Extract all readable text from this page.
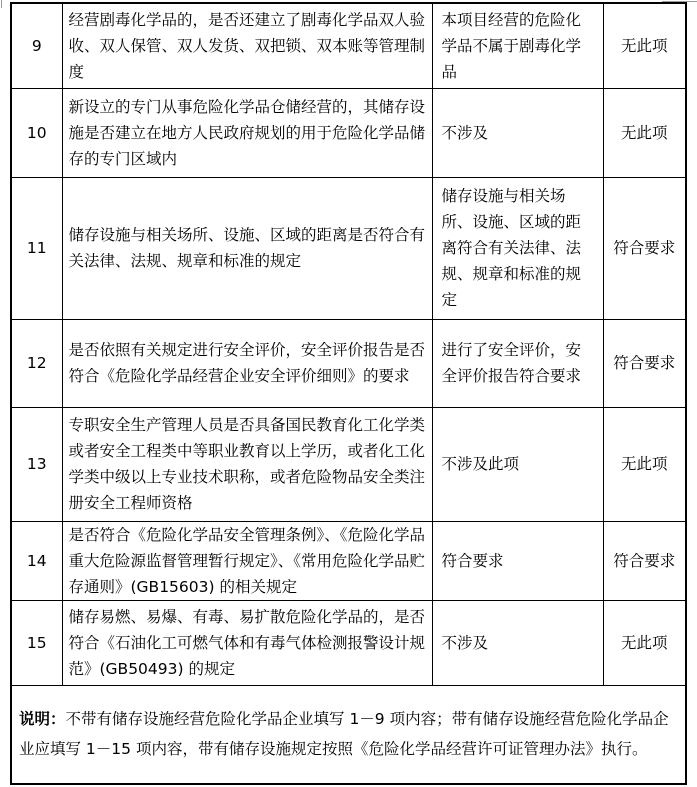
9	经营剧毒化学品的，是否还建立了剧毒化学品双人验收、双人保管、双人发货、双把锁、双本账等管理制度	本项目经营的危险化学品不属于剧毒化学品	无此项
10	新设立的专门从事危险化学品仓储经营的，其储存设施是否建立在地方人民政府规划的用于危险化学品储存的专门区域内	不涉及	无此项
11	储存设施与相关场所、设施、区域的距离是否符合有关法律、法规、规章和标准的规定	储存设施与相关场所、设施、区域的距离符合有关法律、法规、规章和标准的规定	符合要求
12	是否依照有关规定进行安全评价，安全评价报告是否符合《危险化学品经营企业安全评价细则》的要求	进行了安全评价，安全评价报告符合要求	符合要求
13	专职安全生产管理人员是否具备国民教育化工化学类或者安全工程类中等职业教育以上学历，或者化工化学类中级以上专业技术职称，或者危险物品安全类注册安全工程师资格	不涉及此项	无此项
14	是否符合《危险化学品安全管理条例》、《危险化学品重大危险源监督管理暂行规定》、《常用危险化学品贮存通则》(GB15603) 的相关规定	符合要求	符合要求
15	储存易燃、易爆、有毒、易扩散危险化学品的，是否符合《石油化工可燃气体和有毒气体检测报警设计规范》(GB50493) 的规定	不涉及	无此项
说明：不带有储存设施经营危险化学品企业填写 1－9 项内容；带有储存设施经营危险化学品企业应填写 1－15 项内容，带有储存设施规定按照《危险化学品经营许可证管理办法》执行。			
